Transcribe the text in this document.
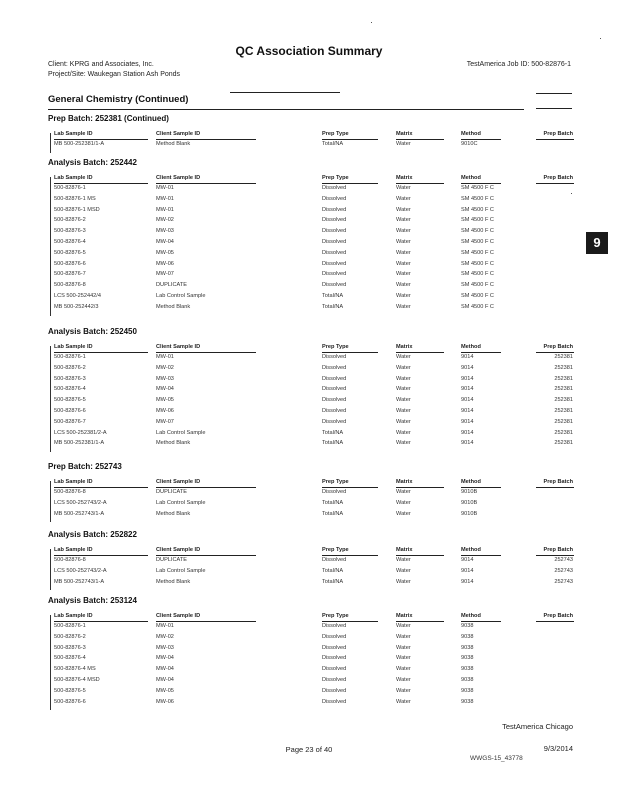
QC Association Summary
Client: KPRG and Associates, Inc.
Project/Site: Waukegan Station Ash Ponds
TestAmerica Job ID: 500-82876-1
General Chemistry (Continued)
9
Prep Batch: 252381 (Continued)
Lab Sample ID	Client Sample ID	Prep Type	Matrix	Method	Prep Batch
MB 500-252381/1-A	Method Blank	Total/NA	Water	9010C
Analysis Batch: 252442
Lab Sample ID	Client Sample ID	Prep Type	Matrix	Method	Prep Batch
500-82876-1	MW-01	Dissolved	Water	SM 4500 F C
500-82876-1 MS	MW-01	Dissolved	Water	SM 4500 F C
500-82876-1 MSD	MW-01	Dissolved	Water	SM 4500 F C
500-82876-2	MW-02	Dissolved	Water	SM 4500 F C
500-82876-3	MW-03	Dissolved	Water	SM 4500 F C
500-82876-4	MW-04	Dissolved	Water	SM 4500 F C
500-82876-5	MW-05	Dissolved	Water	SM 4500 F C
500-82876-6	MW-06	Dissolved	Water	SM 4500 F C
500-82876-7	MW-07	Dissolved	Water	SM 4500 F C
500-82876-8	DUPLICATE	Dissolved	Water	SM 4500 F C
LCS 500-252442/4	Lab Control Sample	Total/NA	Water	SM 4500 F C
MB 500-252442/3	Method Blank	Total/NA	Water	SM 4500 F C
Analysis Batch: 252450
Lab Sample ID	Client Sample ID	Prep Type	Matrix	Method	Prep Batch
500-82876-1	MW-01	Dissolved	Water	9014	252381
500-82876-2	MW-02	Dissolved	Water	9014	252381
500-82876-3	MW-03	Dissolved	Water	9014	252381
500-82876-4	MW-04	Dissolved	Water	9014	252381
500-82876-5	MW-05	Dissolved	Water	9014	252381
500-82876-6	MW-06	Dissolved	Water	9014	252381
500-82876-7	MW-07	Dissolved	Water	9014	252381
LCS 500-252381/2-A	Lab Control Sample	Total/NA	Water	9014	252381
MB 500-252381/1-A	Method Blank	Total/NA	Water	9014	252381
Prep Batch: 252743
Lab Sample ID	Client Sample ID	Prep Type	Matrix	Method	Prep Batch
500-82876-8	DUPLICATE	Dissolved	Water	9010B
LCS 500-252743/2-A	Lab Control Sample	Total/NA	Water	9010B
MB 500-252743/1-A	Method Blank	Total/NA	Water	9010B
Analysis Batch: 252822
Lab Sample ID	Client Sample ID	Prep Type	Matrix	Method	Prep Batch
500-82876-8	DUPLICATE	Dissolved	Water	9014	252743
LCS 500-252743/2-A	Lab Control Sample	Total/NA	Water	9014	252743
MB 500-252743/1-A	Method Blank	Total/NA	Water	9014	252743
Analysis Batch: 253124
Lab Sample ID	Client Sample ID	Prep Type	Matrix	Method	Prep Batch
500-82876-1	MW-01	Dissolved	Water	9038
500-82876-2	MW-02	Dissolved	Water	9038
500-82876-3	MW-03	Dissolved	Water	9038
500-82876-4	MW-04	Dissolved	Water	9038
500-82876-4 MS	MW-04	Dissolved	Water	9038
500-82876-4 MSD	MW-04	Dissolved	Water	9038
500-82876-5	MW-05	Dissolved	Water	9038
500-82876-6	MW-06	Dissolved	Water	9038
TestAmerica Chicago
Page 23 of 40	9/3/2014
WWGS-15_43778
